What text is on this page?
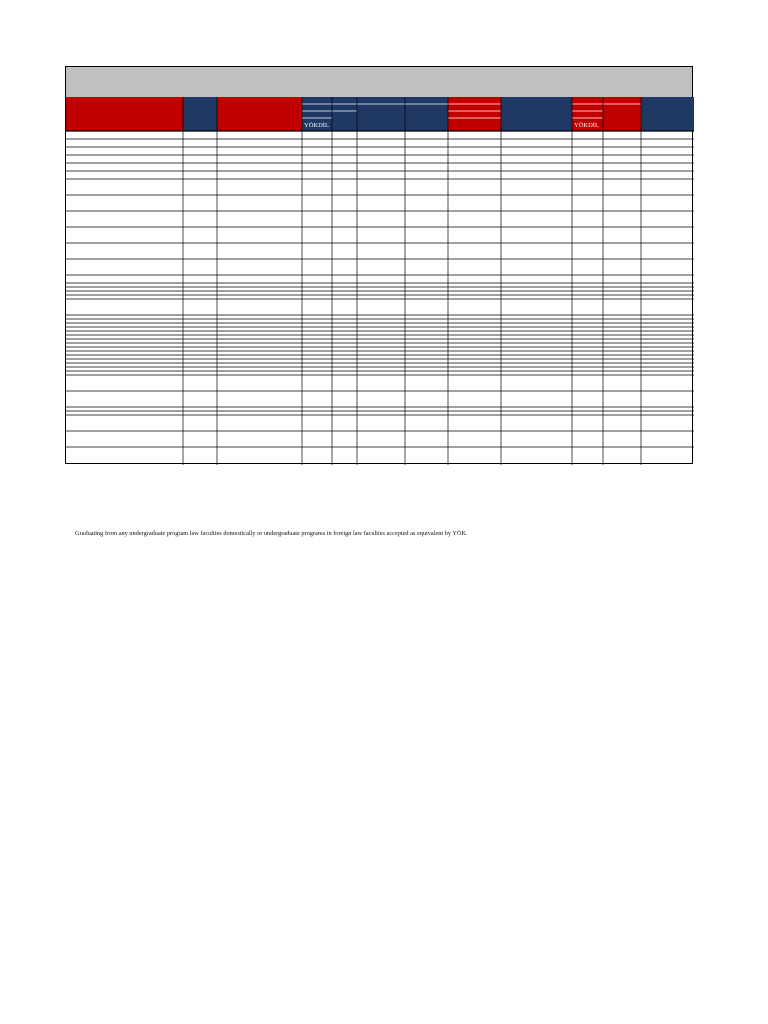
YÖKDİL	YÖKDİL
Graduating from any undergraduate program law faculties domestically or undergraduate programs in foreign law faculties accepted as equivalent by YÖK.
